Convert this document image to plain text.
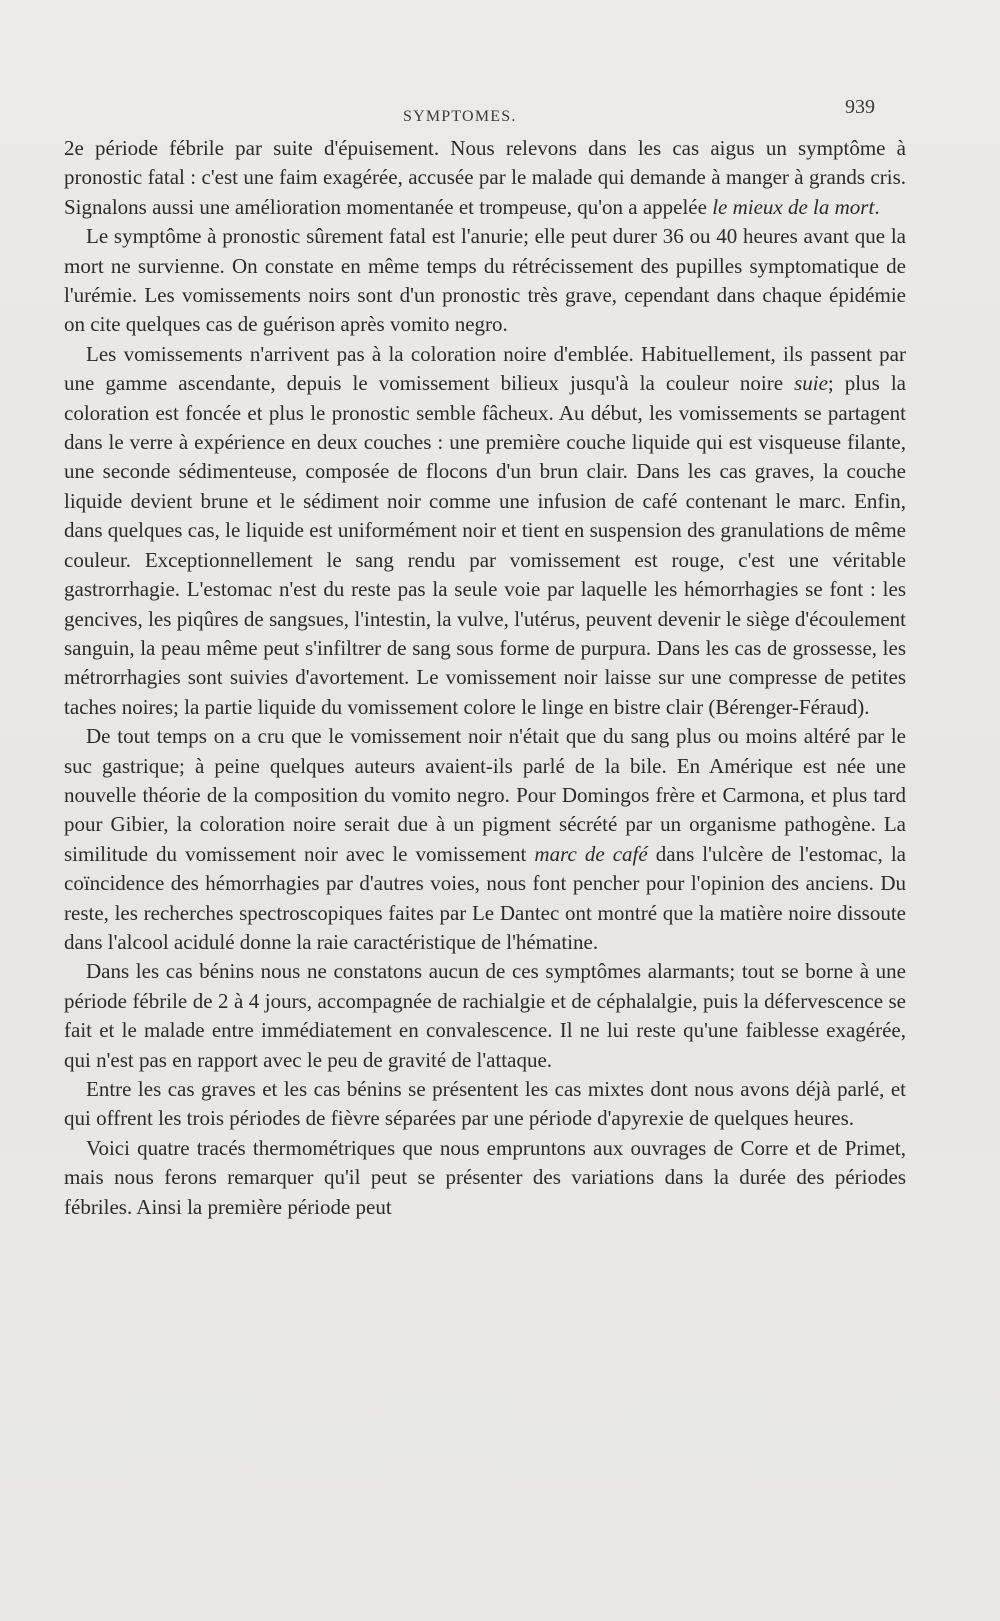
SYMPTOMES.	939

2e période fébrile par suite d'épuisement. Nous relevons dans les cas aigus un symptôme à pronostic fatal : c'est une faim exagérée, accusée par le malade qui demande à manger à grands cris. Signalons aussi une amélioration momentanée et trompeuse, qu'on a appelée le mieux de la mort.

Le symptôme à pronostic sûrement fatal est l'anurie; elle peut durer 36 ou 40 heures avant que la mort ne survienne. On constate en même temps du rétrécissement des pupilles symptomatique de l'urémie. Les vomissements noirs sont d'un pronostic très grave, cependant dans chaque épidémie on cite quelques cas de guérison après vomito negro.

Les vomissements n'arrivent pas à la coloration noire d'emblée. Habituellement, ils passent par une gamme ascendante, depuis le vomissement bilieux jusqu'à la couleur noire suie; plus la coloration est foncée et plus le pronostic semble fâcheux. Au début, les vomissements se partagent dans le verre à expérience en deux couches : une première couche liquide qui est visqueuse filante, une seconde sédimenteuse, composée de flocons d'un brun clair. Dans les cas graves, la couche liquide devient brune et le sédiment noir comme une infusion de café contenant le marc. Enfin, dans quelques cas, le liquide est uniformément noir et tient en suspension des granulations de même couleur. Exceptionnellement le sang rendu par vomissement est rouge, c'est une véritable gastrorrhagie. L'estomac n'est du reste pas la seule voie par laquelle les hémorrhagies se font : les gencives, les piqûres de sangsues, l'intestin, la vulve, l'utérus, peuvent devenir le siège d'écoulement sanguin, la peau même peut s'infiltrer de sang sous forme de purpura. Dans les cas de grossesse, les métrorrhagies sont suivies d'avortement. Le vomissement noir laisse sur une compresse de petites taches noires; la partie liquide du vomissement colore le linge en bistre clair (Bérenger-Féraud).

De tout temps on a cru que le vomissement noir n'était que du sang plus ou moins altéré par le suc gastrique; à peine quelques auteurs avaient-ils parlé de la bile. En Amérique est née une nouvelle théorie de la composition du vomito negro. Pour Domingos frère et Carmona, et plus tard pour Gibier, la coloration noire serait due à un pigment sécrété par un organisme pathogène. La similitude du vomissement noir avec le vomissement marc de café dans l'ulcère de l'estomac, la coïncidence des hémorrhagies par d'autres voies, nous font pencher pour l'opinion des anciens. Du reste, les recherches spectroscopiques faites par Le Dantec ont montré que la matière noire dissoute dans l'alcool acidulé donne la raie caractéristique de l'hématine.

Dans les cas bénins nous ne constatons aucun de ces symptômes alarmants; tout se borne à une période fébrile de 2 à 4 jours, accompagnée de rachialgie et de céphalalgie, puis la défervescence se fait et le malade entre immédiatement en convalescence. Il ne lui reste qu'une faiblesse exagérée, qui n'est pas en rapport avec le peu de gravité de l'attaque.

Entre les cas graves et les cas bénins se présentent les cas mixtes dont nous avons déjà parlé, et qui offrent les trois périodes de fièvre séparées par une période d'apyrexie de quelques heures.

Voici quatre tracés thermométriques que nous empruntons aux ouvrages de Corre et de Primet, mais nous ferons remarquer qu'il peut se présenter des variations dans la durée des périodes fébriles. Ainsi la première période peut
